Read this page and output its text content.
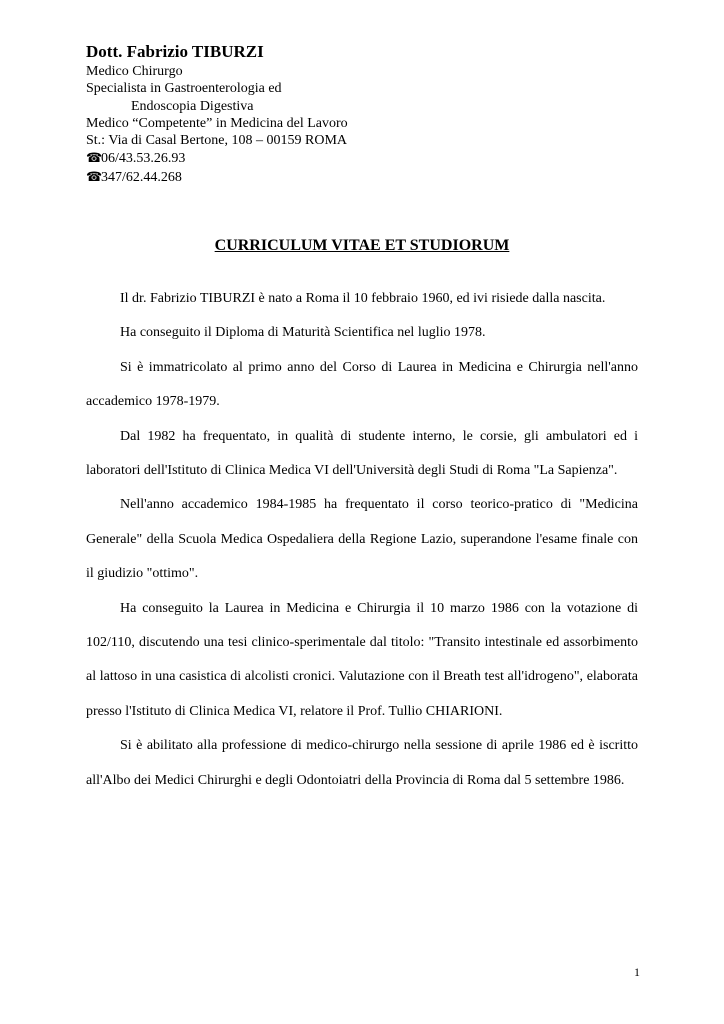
Dott. Fabrizio TIBURZI

Medico Chirurgo

Specialista in Gastroenterologia ed

Endoscopia Digestiva

Medico “Competente” in Medicina del Lavoro

St.: Via di Casal Bertone, 108 – 00159 ROMA

☎06/43.53.26.93

☎347/62.44.268

CURRICULUM VITAE ET STUDIORUM

Il dr. Fabrizio TIBURZI è nato a Roma il 10 febbraio 1960, ed ivi risiede dalla nascita.

Ha conseguito il Diploma di Maturità Scientifica nel luglio 1978.

Si è immatricolato al primo anno del Corso di Laurea in Medicina e Chirurgia nell'anno accademico 1978-1979.

Dal 1982 ha frequentato, in qualità di studente interno, le corsie, gli ambulatori ed i laboratori dell'Istituto di Clinica Medica VI dell'Università degli Studi di Roma "La Sapienza".

Nell'anno accademico 1984-1985 ha frequentato il corso teorico-pratico di "Medicina Generale" della Scuola Medica Ospedaliera della Regione Lazio, superandone l'esame finale con il giudizio "ottimo".

Ha conseguito la Laurea in Medicina e Chirurgia il 10 marzo 1986 con la votazione di 102/110, discutendo una tesi clinico-sperimentale dal titolo: "Transito intestinale ed assorbimento al lattoso in una casistica di alcolisti cronici. Valutazione con il Breath test all'idrogeno", elaborata presso l'Istituto di Clinica Medica VI, relatore il Prof. Tullio CHIARIONI.

Si è abilitato alla professione di medico-chirurgo nella sessione di aprile 1986 ed è iscritto all'Albo dei Medici Chirurghi e degli Odontoiatri della Provincia di Roma dal 5 settembre 1986.

1
